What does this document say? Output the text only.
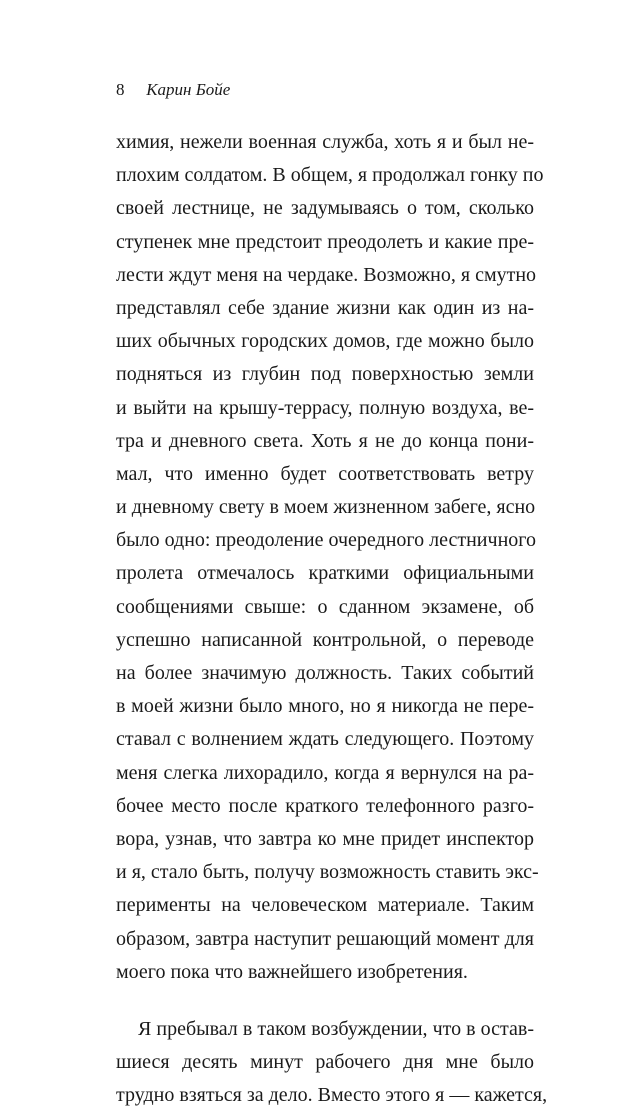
8 Карин Бойе
химия, нежели военная служба, хоть я и был не-
плохим солдатом. В общем, я продолжал гонку по
своей лестнице, не задумываясь о том, сколько
ступенек мне предстоит преодолеть и какие пре-
лести ждут меня на чердаке. Возможно, я смутно
представлял себе здание жизни как один из на-
ших обычных городских домов, где можно было
подняться из глубин под поверхностью земли
и выйти на крышу-террасу, полную воздуха, ве-
тра и дневного света. Хоть я не до конца пони-
мал, что именно будет соответствовать ветру
и дневному свету в моем жизненном забеге, ясно
было одно: преодоление очередного лестничного
пролета отмечалось краткими официальными
сообщениями свыше: о сданном экзамене, об
успешно написанной контрольной, о переводе
на более значимую должность. Таких событий
в моей жизни было много, но я никогда не пере-
ставал с волнением ждать следующего. Поэтому
меня слегка лихорадило, когда я вернулся на ра-
бочее место после краткого телефонного разго-
вора, узнав, что завтра ко мне придет инспектор
и я, стало быть, получу возможность ставить экс-
перименты на человеческом материале. Таким
образом, завтра наступит решающий момент для
моего пока что важнейшего изобретения.
Я пребывал в таком возбуждении, что в остав-
шиеся десять минут рабочего дня мне было
трудно взяться за дело. Вместо этого я — кажется,
